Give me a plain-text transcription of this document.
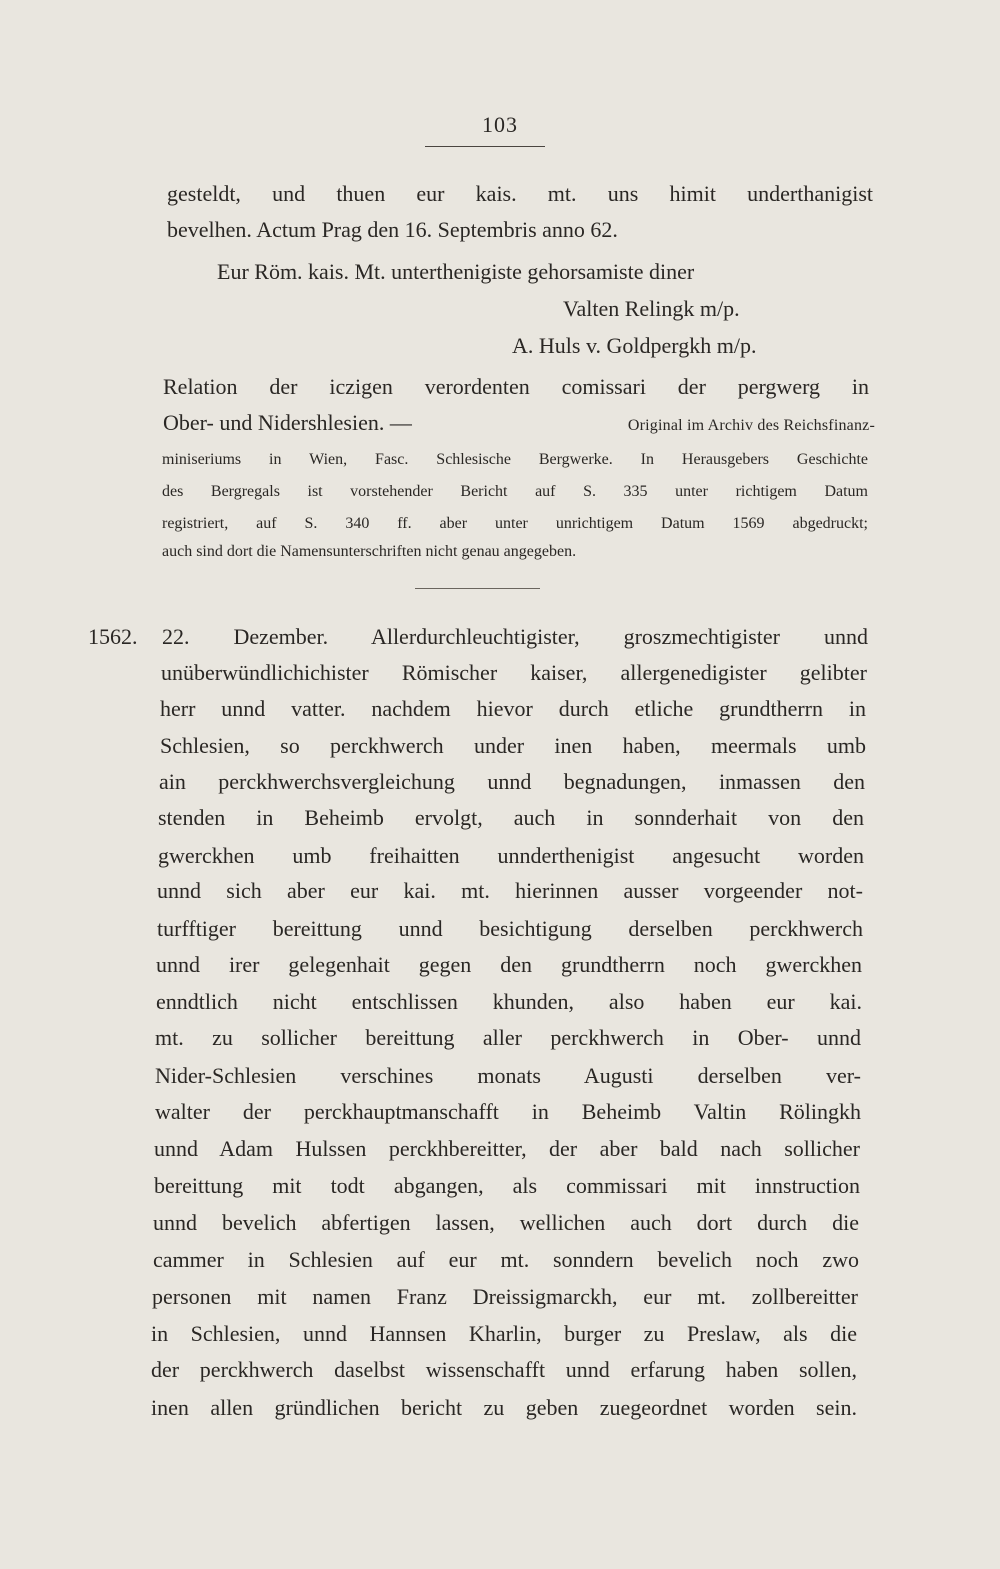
103
gesteldt, und thuen eur kais. mt. uns himit underthanigist
bevelhen. Actum Prag den 16. Septembris anno 62.
Eur Röm. kais. Mt. unterthenigiste gehorsamiste diner
Valten Relingk m/p.
A. Huls v. Goldpergkh m/p.
Relation der iczigen verordenten comissari der pergwerg in
Ober- und Nidershlesien. —	Original im Archiv des Reichsfinanz-
miniseriums in Wien, Fasc. Schlesische Bergwerke. In Herausgebers Geschichte
des Bergregals ist vorstehender Bericht auf S. 335 unter richtigem Datum
registriert, auf S. 340 ff. aber unter unrichtigem Datum 1569 abgedruckt;
auch sind dort die Namensunterschriften nicht genau angegeben.
1562. 22. Dezember. Allerdurchleuchtigister, groszmechtigister unnd
unüberwündlichichister Römischer kaiser, allergenedigister gelibter
herr unnd vatter. nachdem hievor durch etliche grundtherrn in
Schlesien, so perckhwerch under inen haben, meermals umb
ain perckhwerchsvergleichung unnd begnadungen, inmassen den
stenden in Beheimb ervolgt, auch in sonnderhait von den
gwerckhen umb freihaitten unnderthenigist angesucht worden
unnd sich aber eur kai. mt. hierinnen ausser vorgeender not-
turfftiger bereittung unnd besichtigung derselben perckhwerch
unnd irer gelegenhait gegen den grundtherrn noch gwerckhen
enndtlich nicht entschlissen khunden, also haben eur kai.
mt. zu sollicher bereittung aller perckhwerch in Ober- unnd
Nider-Schlesien verschines monats Augusti derselben ver-
walter der perckhauptmanschafft in Beheimb Valtin Rölingkh
unnd Adam Hulssen perckhbereitter, der aber bald nach sollicher
bereittung mit todt abgangen, als commissari mit innstruction
unnd bevelich abfertigen lassen, wellichen auch dort durch die
cammer in Schlesien auf eur mt. sonndern bevelich noch zwo
personen mit namen Franz Dreissigmarckh, eur mt. zollbereitter
in Schlesien, unnd Hannsen Kharlin, burger zu Preslaw, als die
der perckhwerch daselbst wissenschafft unnd erfarung haben sollen,
inen allen gründlichen bericht zu geben zuegeordnet worden sein.
